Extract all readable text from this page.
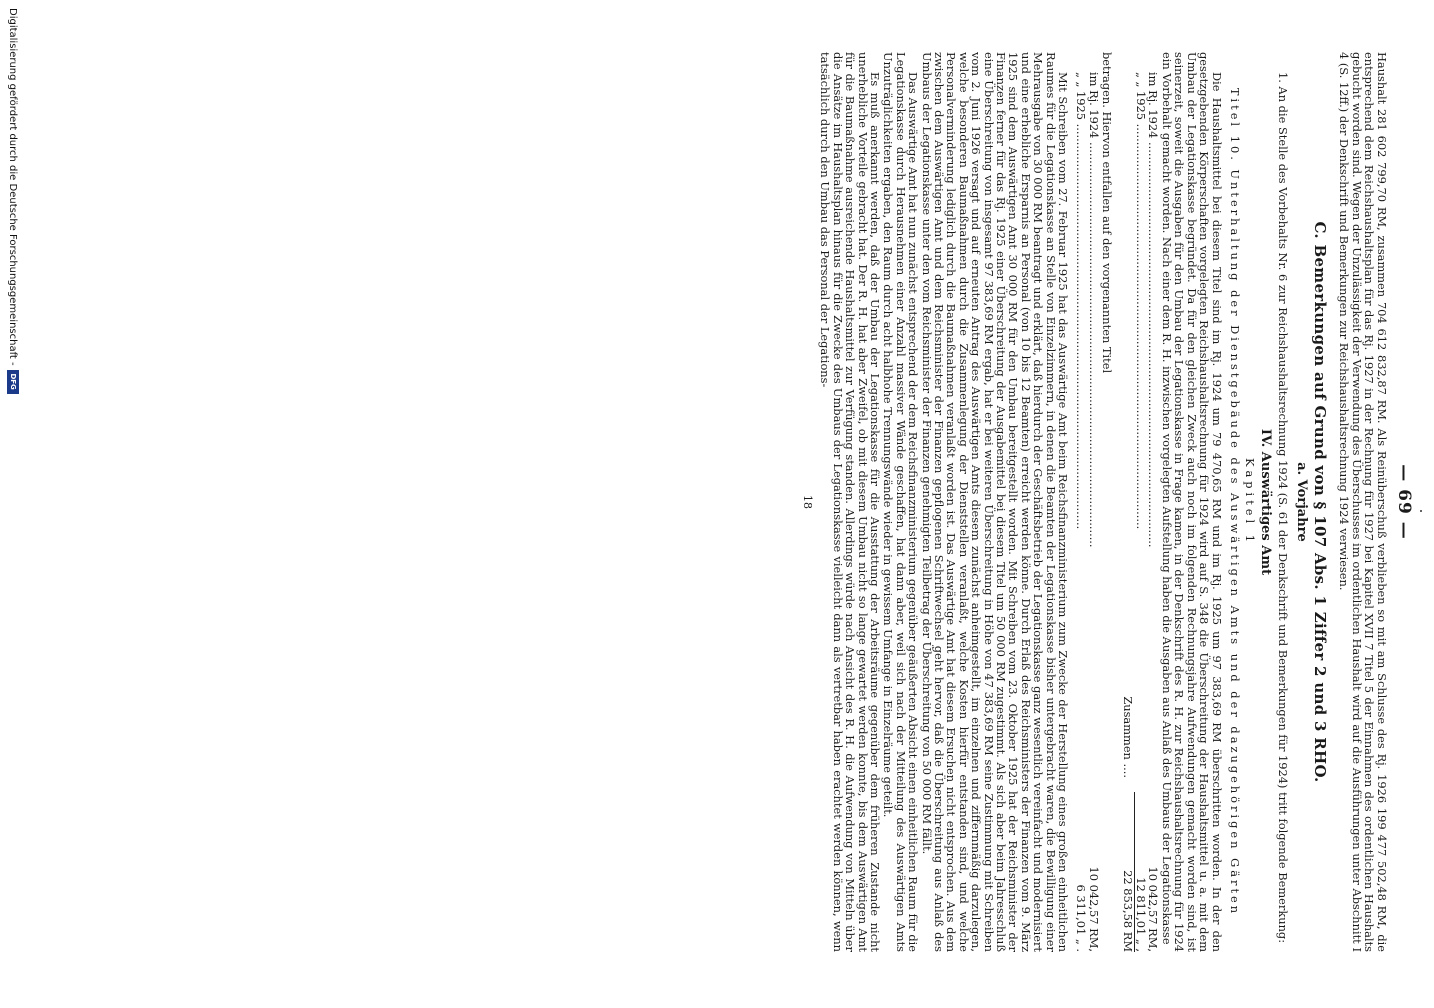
— 69 —

Haushalt 281 602 799,70 RM, zusammen 704 612 832,87 RM. Als Reinüberschuß verblieben so mit am Schlusse des Rj. 1926 199 477 502,48 RM, die entsprechend dem Reichshaushaltsplan für das Rj. 1927 in der Rechnung für 1927 bei Kapitel XVII 7 Titel 5 der Einnahmen des ordentlichen Haushalts gebucht worden sind. Wegen der Unzulässigkeit der Verwendung des Überschusses im ordentlichen Haushalt wird auf die Ausführungen unter Abschnitt I 4 (S. 12ff.) der Denkschrift und Bemerkungen zur Reichshaushaltsrechnung 1924 verwiesen.

C. Bemerkungen auf Grund von § 107 Abs. 1 Ziffer 2 und 3 RHO.
a. Vorjahre

1. An die Stelle des Vorbehalts Nr. 6 zur Reichshaushaltsrechnung 1924 (S. 61 der Denkschrift und Bemerkungen für 1924) tritt folgende Bemerkung:

IV. Auswärtiges Amt
Kapitel 1
Titel 10. Unterhaltung der Dienstgebäude des Auswärtigen Amts und der dazugehörigen Gärten

Die Haushaltsmittel bei diesem Titel sind im Rj. 1924 um 79 470,65 RM und im Rj. 1925 um 97 383,69 RM überschritten worden. In der den gesetzgebenden Körperschaften vorgelegten Reichshaushaltsrechnung für 1924 wird auf S. 348 die Überschreitung der Haushaltsmittel u. a. mit dem Umbau der Legationskasse begründet. Da für den gleichen Zweck auch noch im folgenden Rechnungsjahre Aufwendungen gemacht worden sind, ist seinerzeit, soweit die Ausgaben für den Umbau der Legationskasse in Frage kamen, in der Denkschrift des R. H. zur Reichshaushaltsrechnung für 1924 ein Vorbehalt gemacht worden. Nach einer dem R. H. inzwischen vorgelegten Aufstellung haben die Ausgaben aus Anlaß des Umbaus der Legationskasse

im Rj. 1924 .....
10 042,57 RM,
„ „ 1925 .....
12 811,01 „ ,
Zusammen ....
22 853,58 RM

betragen. Hiervon entfallen auf den vorgenannten Titel

im Rj. 1924 .....
10 042,57 RM,
„ „ 1925 .....
6 311,01 „ .

Mit Schreiben vom 27. Februar 1925 hat das Auswärtige Amt beim Reichsfinanzministerium zum Zwecke der Herstellung eines großen einheitlichen Raumes für die Legationskasse an Stelle von Einzelzimmern, in denen die Beamten der Legationskasse bisher untergebracht waren, die Bewilligung einer Mehrausgabe von 30 000 RM beantragt und erklärt, daß hierdurch der Geschäftsbetrieb der Legationskasse ganz wesentlich vereinfacht und modernisiert und eine erhebliche Ersparnis an Personal (von 10 bis 12 Beamten) erreicht werden könne. Durch Erlaß des Reichsministers der Finanzen vom 9. März 1925 sind dem Auswärtigen Amt 30 000 RM für den Umbau bereitgestellt worden. Mit Schreiben vom 23. Oktober 1925 hat der Reichsminister der Finanzen ferner für das Rj. 1925 einer Überschreitung der Ausgabemittel bei diesem Titel um 50 000 RM zugestimmt. Als sich aber beim Jahresschluß eine Überschreitung von insgesamt 97 383,69 RM ergab, hat er bei weiteren Überschreitung in Höhe von 47 383,69 RM seine Zustimmung mit Schreiben vom 2. Juni 1926 versagt und auf erneuten Antrag des Auswärtigen Amts diesem zunächst anheimgestellt, im einzelnen und ziffernmäßig darzulegen, welche besonderen Baumaßnahmen durch die Zusammenlegung der Dienststellen veranlaßt, welche Kosten hierfür entstanden sind, und welche Personalverminderung lediglich durch die Baumaßnahmen veranlaßt worden ist. Das Auswärtige Amt hat diesem Ersuchen nicht entsprochen. Aus dem zwischen dem Auswärtigen Amt und dem Reichsminister der Finanzen gepflogenen Schriftwechsel geht hervor, daß die Überschreitung aus Anlaß des Umbaus der Legationskasse unter den vom Reichsminister der Finanzen genehmigten Teilbetrag der Überschreitung von 50 000 RM fällt.

Das Auswärtige Amt hat nun zunächst entsprechend der dem Reichsfinanzministerium gegenüber geäußerten Absicht einen einheitlichen Raum für die Legationskasse durch Herausnehmen einer Anzahl massiver Wände geschaffen, hat dann aber, weil sich nach der Mitteilung des Auswärtigen Amts Unzuträglichkeiten ergaben, den Raum durch acht halbhohe Trennungswände wieder in gewissem Umfange in Einzelräume geteilt.

Es muß anerkannt werden, daß der Umbau der Legationskasse für die Ausstattung der Arbeitsräume gegenüber dem früheren Zustande nicht unerhebliche Vorteile gebracht hat. Der R. H. hat aber Zweifel, ob mit diesem Umbau nicht so lange gewartet werden konnte, bis dem Auswärtigen Amt für die Baumaßnahme ausreichende Haushaltsmittel zur Verfügung standen. Allerdings würde nach Ansicht des R. H. die Aufwendung von Mitteln über die Ansätze im Haushaltsplan hinaus für die Zwecke des Umbaus der Legationskasse vielleicht dann als vertretbar haben erachtet werden können, wenn tatsächlich durch den Umbau das Personal der Legations-

18
Digitalisierung gefördert durch die Deutsche Forschungsgemeinschaft -
DFG
